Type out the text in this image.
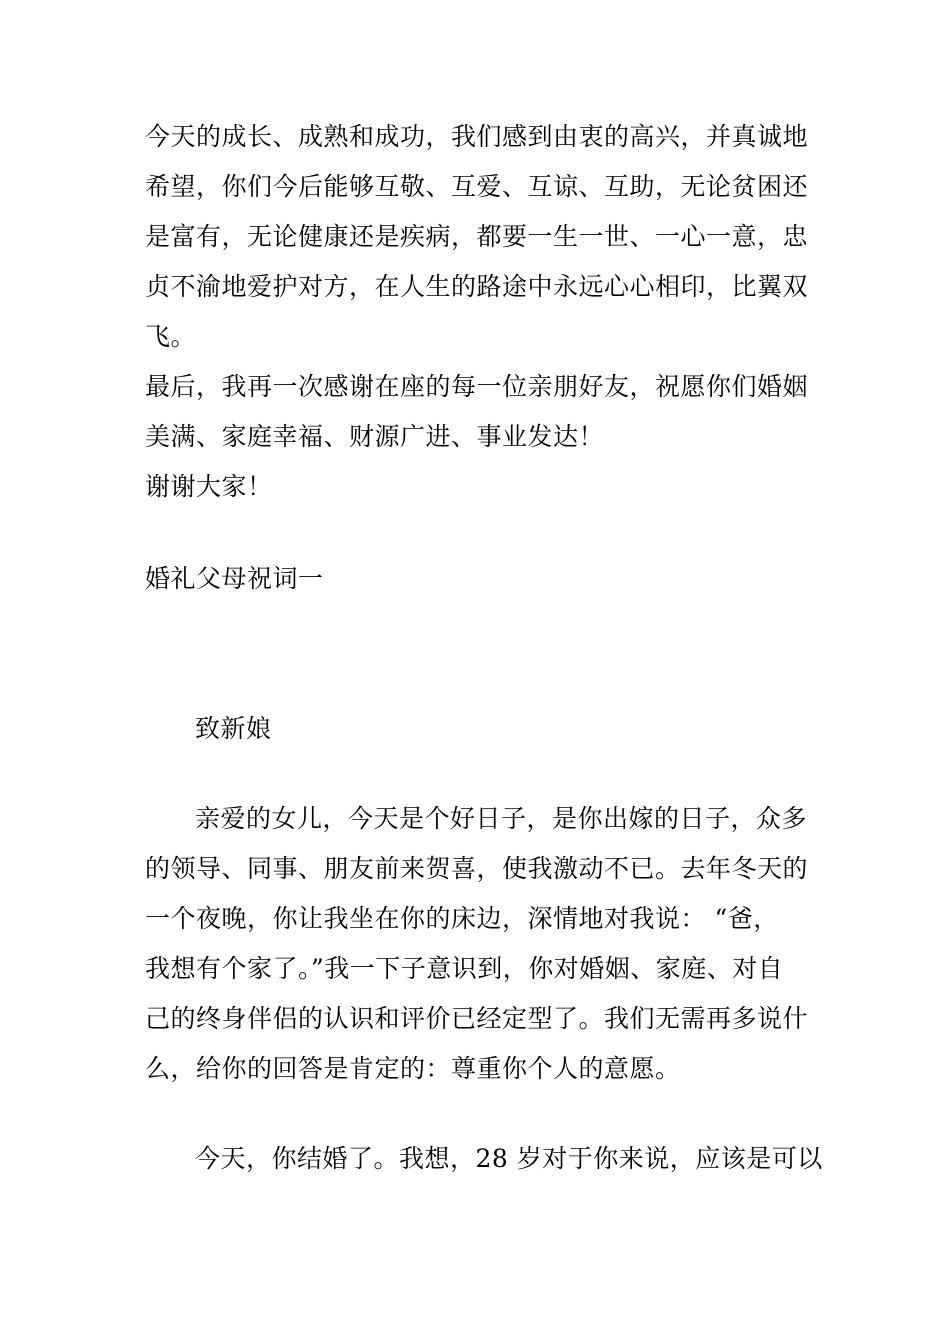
今天的成长、成熟和成功，我们感到由衷的高兴，并真诚地
希望，你们今后能够互敬、互爱、互谅、互助，无论贫困还
是富有，无论健康还是疾病，都要一生一世、一心一意，忠
贞不渝地爱护对方，在人生的路途中永远心心相印，比翼双
飞。
最后，我再一次感谢在座的每一位亲朋好友，祝愿你们婚姻
美满、家庭幸福、财源广进、事业发达！
谢谢大家！
婚礼父母祝词一
致新娘
亲爱的女儿，今天是个好日子，是你出嫁的日子，众多
的领导、同事、朋友前来贺喜，使我激动不已。去年冬天的
一个夜晚，你让我坐在你的床边，深情地对我说： “爸，
我想有个家了。”我一下子意识到，你对婚姻、家庭、对自
己的终身伴侣的认识和评价已经定型了。我们无需再多说什
么，给你的回答是肯定的：尊重你个人的意愿。
今天，你结婚了。我想，28 岁对于你来说，应该是可以
